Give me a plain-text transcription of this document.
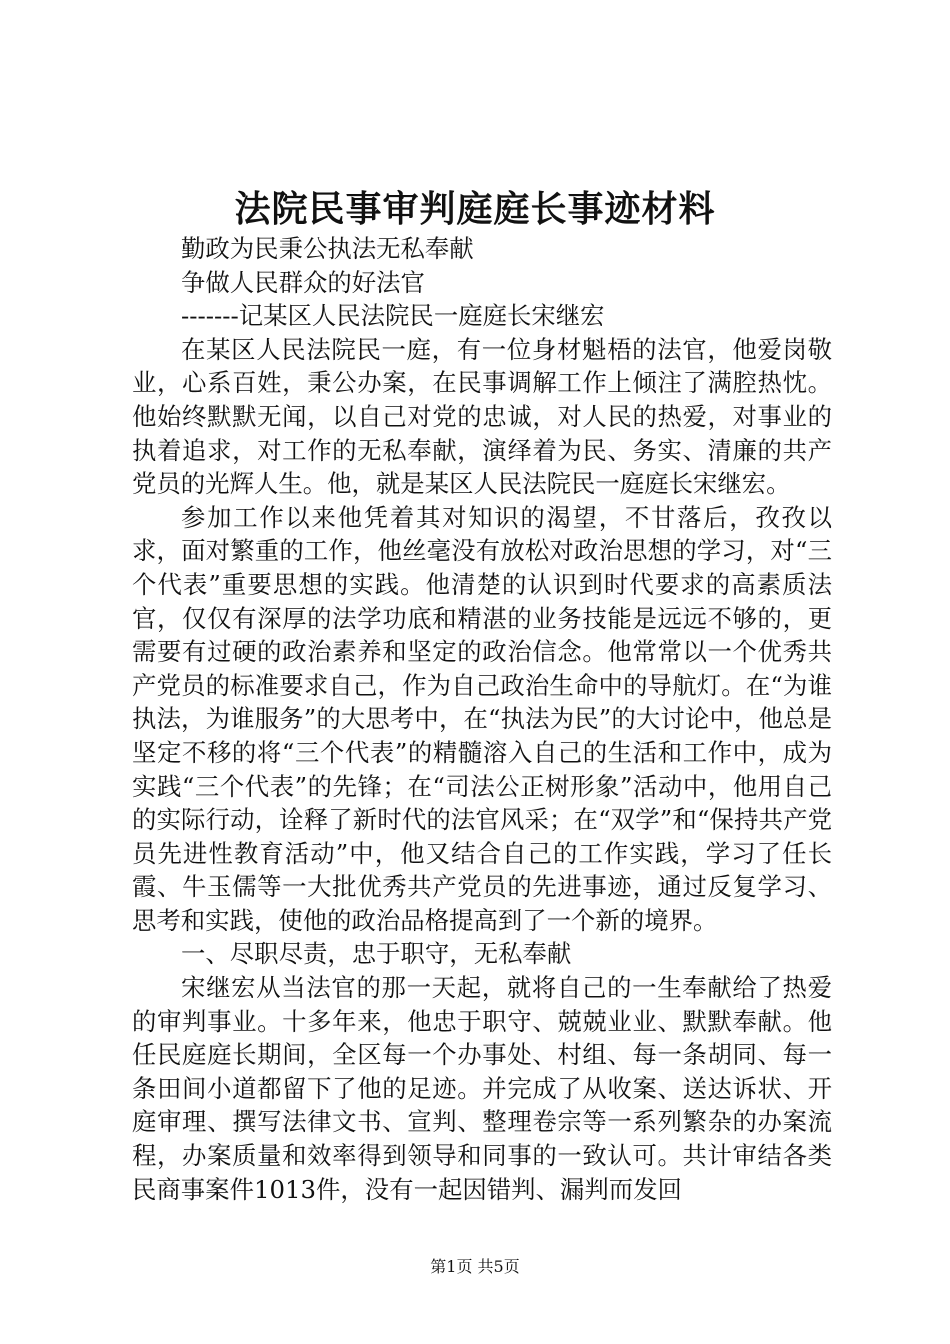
法院民事审判庭庭长事迹材料
勤政为民秉公执法无私奉献
争做人民群众的好法官
-------记某区人民法院民一庭庭长宋继宏

在某区人民法院民一庭，有一位身材魁梧的法官，他爱岗敬业，心系百姓，秉公办案，在民事调解工作上倾注了满腔热忱。他始终默默无闻，以自己对党的忠诚，对人民的热爱，对事业的执着追求，对工作的无私奉献，演绎着为民、务实、清廉的共产党员的光辉人生。他，就是某区人民法院民一庭庭长宋继宏。

参加工作以来他凭着其对知识的渴望，不甘落后，孜孜以求，面对繁重的工作，他丝毫没有放松对政治思想的学习，对“三个代表”重要思想的实践。他清楚的认识到时代要求的高素质法官，仅仅有深厚的法学功底和精湛的业务技能是远远不够的，更需要有过硬的政治素养和坚定的政治信念。他常常以一个优秀共产党员的标准要求自己，作为自己政治生命中的导航灯。在“为谁执法，为谁服务”的大思考中，在“执法为民”的大讨论中，他总是坚定不移的将“三个代表”的精髓溶入自己的生活和工作中，成为实践“三个代表”的先锋；在“司法公正树形象”活动中，他用自己的实际行动，诠释了新时代的法官风采；在“双学”和“保持共产党员先进性教育活动”中，他又结合自己的工作实践，学习了任长霞、牛玉儒等一大批优秀共产党员的先进事迹，通过反复学习、思考和实践，使他的政治品格提高到了一个新的境界。

一、尽职尽责，忠于职守，无私奉献

宋继宏从当法官的那一天起，就将自己的一生奉献给了热爱的审判事业。十多年来，他忠于职守、兢兢业业、默默奉献。他任民庭庭长期间，全区每一个办事处、村组、每一条胡同、每一条田间小道都留下了他的足迹。并完成了从收案、送达诉状、开庭审理、撰写法律文书、宣判、整理卷宗等一系列繁杂的办案流程，办案质量和效率得到领导和同事的一致认可。共计审结各类民商事案件1013件，没有一起因错判、漏判而发回

第1页 共5页
